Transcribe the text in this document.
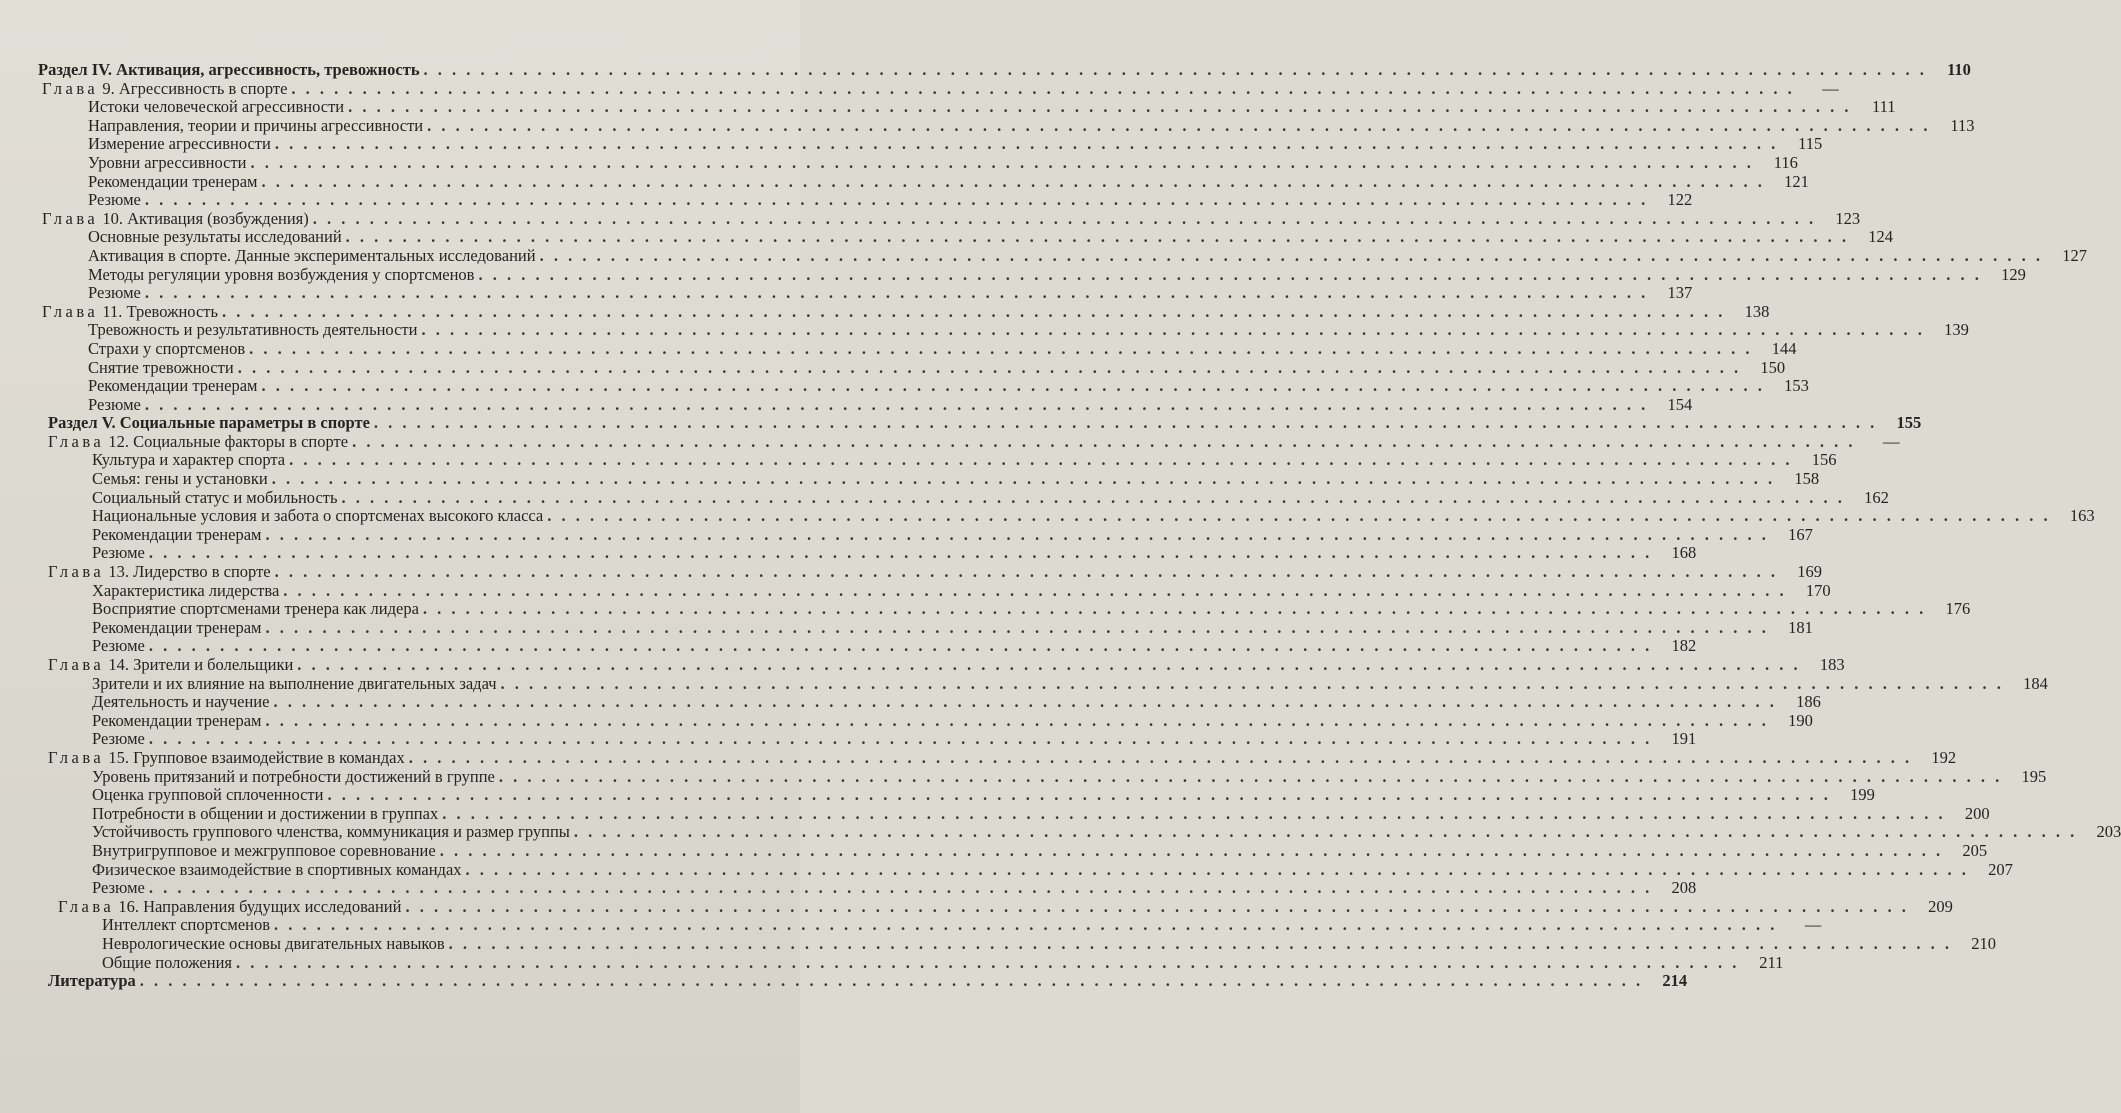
Раздел IV. Активация, агрессивность, тревожность . . .	110
Глава 9. Агрессивность в спорте . . .	—
Истоки человеческой агрессивности . . .	111
Направления, теории и причины агрессивности . . .	113
Измерение агрессивности . . .	115
Уровни агрессивности . . .	116
Рекомендации тренерам . . .	121
Резюме . . .	122
Глава 10. Активация (возбуждения) . . .	123
Основные результаты исследований . . .	124
Активация в спорте. Данные экспериментальных исследований . . .	127
Методы регуляции уровня возбуждения у спортсменов . . .	129
Резюме . . .	137
Глава 11. Тревожность . . .	138
Тревожность и результативность деятельности . . .	139
Страхи у спортсменов . . .	144
Снятие тревожности . . .	150
Рекомендации тренерам . . .	153
Резюме . . .	154
Раздел V. Социальные параметры в спорте . . .	155
Глава 12. Социальные факторы в спорте . . .	—
Культура и характер спорта . . .	156
Семья: гены и установки . . .	158
Социальный статус и мобильность . . .	162
Национальные условия и забота о спортсменах высокого класса . . .	163
Рекомендации тренерам . . .	167
Резюме . . .	168
Глава 13. Лидерство в спорте . . .	169
Характеристика лидерства . . .	170
Восприятие спортсменами тренера как лидера . . .	176
Рекомендации тренерам . . .	181
Резюме . . .	182
Глава 14. Зрители и болельщики . . .	183
Зрители и их влияние на выполнение двигательных задач . . .	184
Деятельность и научение . . .	186
Рекомендации тренерам . . .	190
Резюме . . .	191
Глава 15. Групповое взаимодействие в командах . . .	192
Уровень притязаний и потребности достижений в группе . . .	195
Оценка групповой сплоченности . . .	199
Потребности в общении и достижении в группах . . .	200
Устойчивость группового членства, коммуникация и размер группы . . .	203
Внутригрупповое и межгрупповое соревнование . . .	205
Физическое взаимодействие в спортивных командах . . .	207
Резюме . . .	208
Глава 16. Направления будущих исследований . . .	209
Интеллект спортсменов . . .	—
Неврологические основы двигательных навыков . . .	210
Общие положения . . .	211
Литература . . .	214
